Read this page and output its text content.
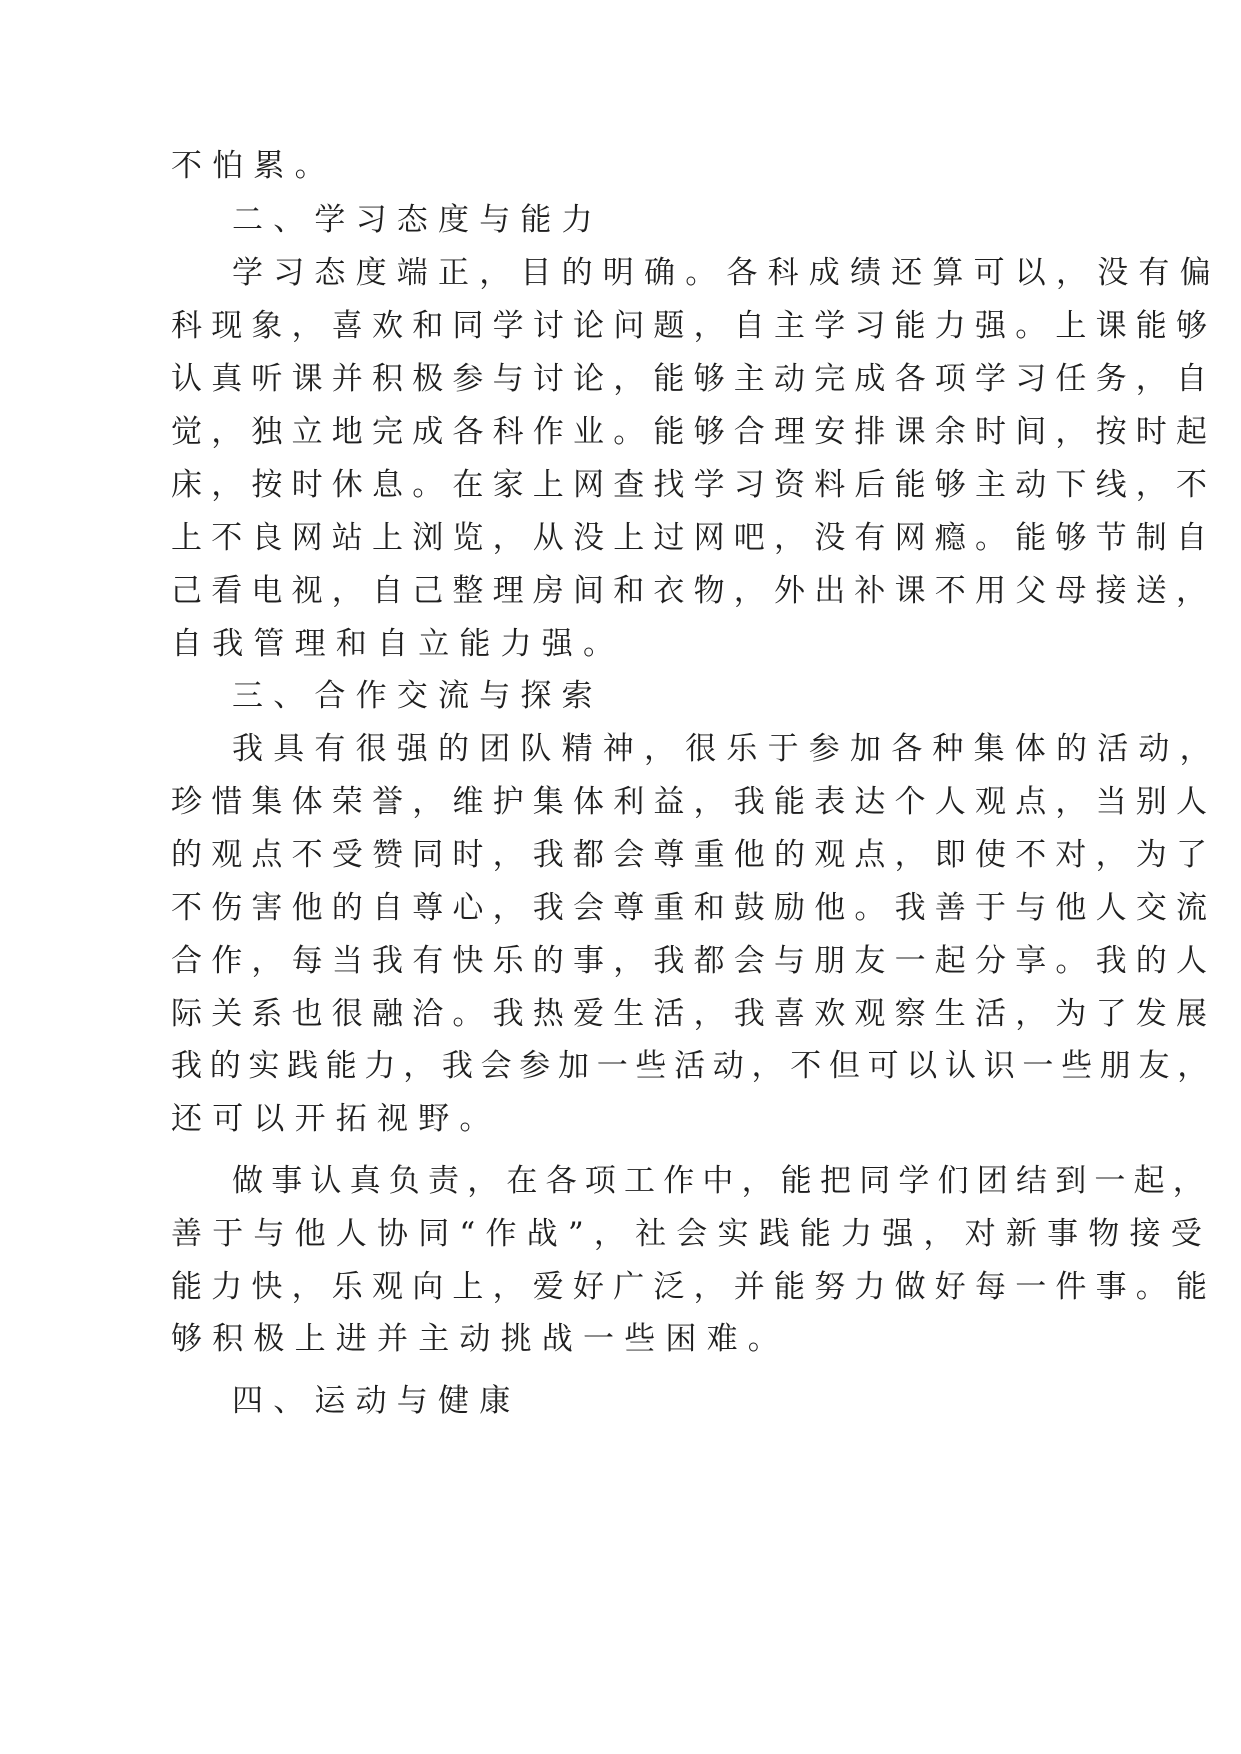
不怕累。
二、学习态度与能力
学习态度端正，目的明确。各科成绩还算可以，没有偏
科现象，喜欢和同学讨论问题，自主学习能力强。上课能够
认真听课并积极参与讨论，能够主动完成各项学习任务，自
觉，独立地完成各科作业。能够合理安排课余时间，按时起
床，按时休息。在家上网查找学习资料后能够主动下线，不
上不良网站上浏览，从没上过网吧，没有网瘾。能够节制自
己看电视，自己整理房间和衣物，外出补课不用父母接送，
自我管理和自立能力强。
三、合作交流与探索
我具有很强的团队精神，很乐于参加各种集体的活动，
珍惜集体荣誉，维护集体利益，我能表达个人观点，当别人
的观点不受赞同时，我都会尊重他的观点，即使不对，为了
不伤害他的自尊心，我会尊重和鼓励他。我善于与他人交流
合作，每当我有快乐的事，我都会与朋友一起分享。我的人
际关系也很融洽。我热爱生活，我喜欢观察生活，为了发展
我的实践能力，我会参加一些活动，不但可以认识一些朋友，
还可以开拓视野。
做事认真负责，在各项工作中，能把同学们团结到一起，
善于与他人协同“作战”，社会实践能力强，对新事物接受
能力快，乐观向上，爱好广泛，并能努力做好每一件事。能
够积极上进并主动挑战一些困难。
四、运动与健康
